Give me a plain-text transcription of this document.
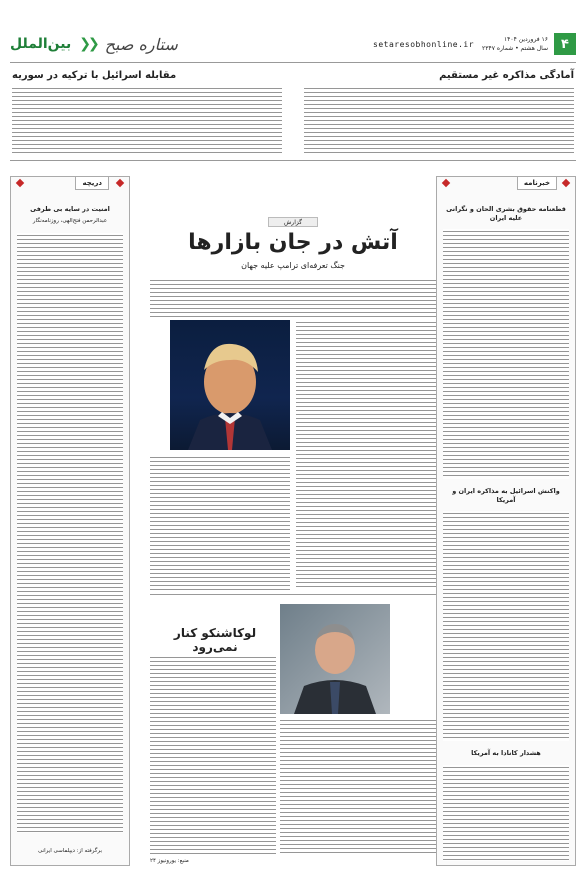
۴
۱۶ فروردین ۱۴۰۴
سال هشتم • شماره ۲۳۴۷
setaresobhonline.ir
ستاره صبح
❮❮
بین‌الملل
آمادگی مذاکره غیر مستقیم
مقابله اسرائیل با ترکیه در سوریه
خبرنامه
قطعنامه حقوق بشری الحان و نگرانی علیه ایران
واکنش اسرائیل به مذاکره ایران و آمریکا
هشدار کانادا به آمریکا
دریچه
امنیت در سایه بی طرفی
عبدالرحمن فتح‌الهی، روزنامه‌نگار
برگرفته از: دیپلماسی ایرانی
گزارش
آتش در جان بازارها
جنگ تعرفه‌ای ترامپ علیه جهان
لوکاشنکو کنار نمی‌رود
منبع: یورونیوز ۲۴
